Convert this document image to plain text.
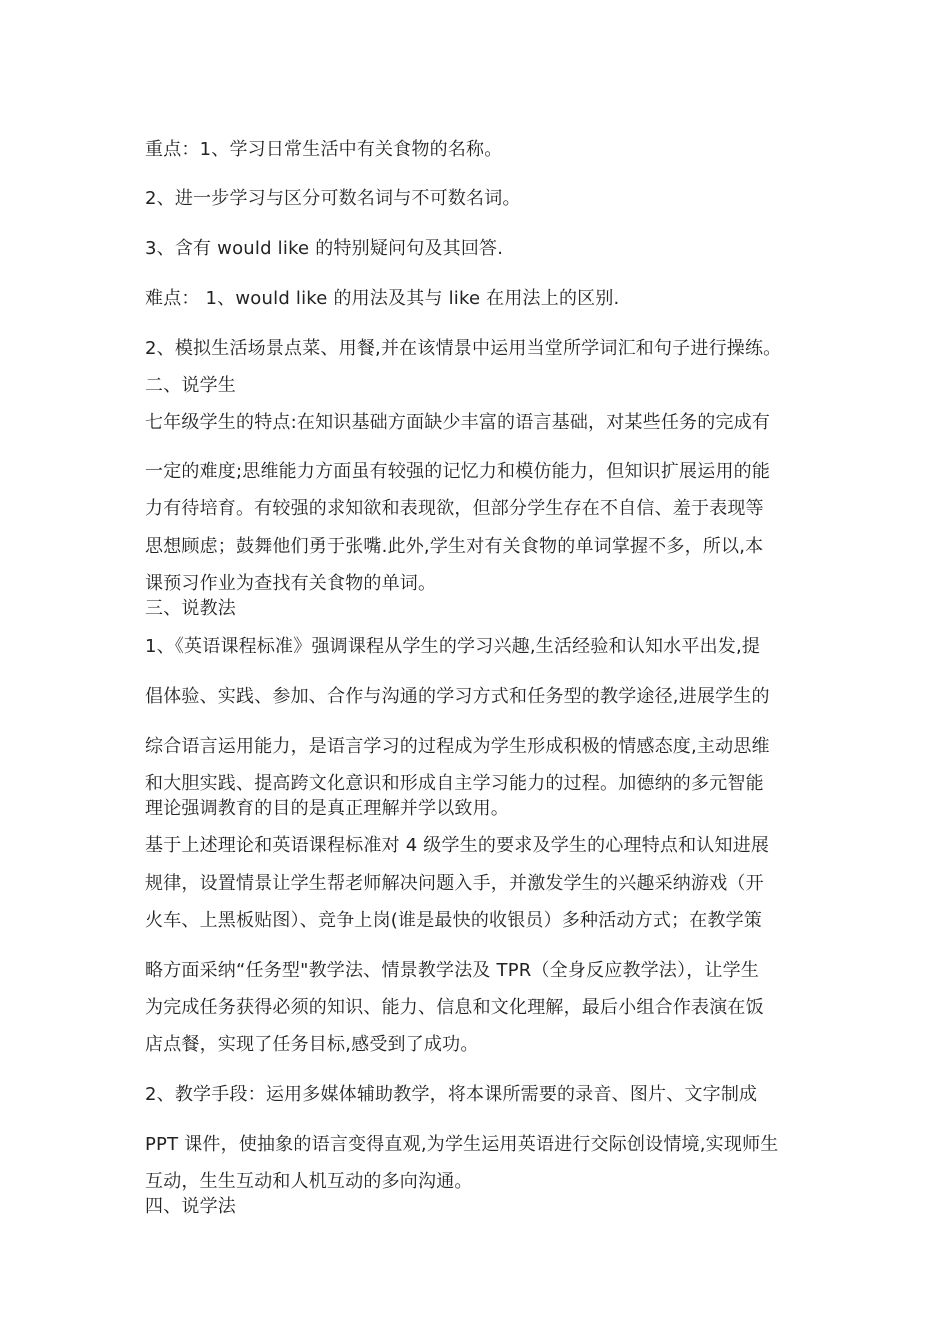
重点：1、学习日常生活中有关食物的名称。
2、进一步学习与区分可数名词与不可数名词。
3、含有 would like 的特别疑问句及其回答.
难点： 1、would like 的用法及其与 like 在用法上的区别.
2、模拟生活场景点菜、用餐,并在该情景中运用当堂所学词汇和句子进行操练。
二、说学生
七年级学生的特点:在知识基础方面缺少丰富的语言基础，对某些任务的完成有
一定的难度;思维能力方面虽有较强的记忆力和模仿能力，但知识扩展运用的能
力有待培育。有较强的求知欲和表现欲，但部分学生存在不自信、羞于表现等
思想顾虑；鼓舞他们勇于张嘴.此外,学生对有关食物的单词掌握不多，所以,本
课预习作业为查找有关食物的单词。
三、说教法
1、《英语课程标准》强调课程从学生的学习兴趣,生活经验和认知水平出发,提
倡体验、实践、参加、合作与沟通的学习方式和任务型的教学途径,进展学生的
综合语言运用能力，是语言学习的过程成为学生形成积极的情感态度,主动思维
和大胆实践、提高跨文化意识和形成自主学习能力的过程。加德纳的多元智能
理论强调教育的目的是真正理解并学以致用。
基于上述理论和英语课程标准对 4 级学生的要求及学生的心理特点和认知进展
规律，设置情景让学生帮老师解决问题入手，并激发学生的兴趣采纳游戏（开
火车、上黑板贴图）、竞争上岗(谁是最快的收银员）多种活动方式；在教学策
略方面采纳“任务型"教学法、情景教学法及 TPR（全身反应教学法），让学生
为完成任务获得必须的知识、能力、信息和文化理解，最后小组合作表演在饭
店点餐，实现了任务目标,感受到了成功。
2、教学手段：运用多媒体辅助教学，将本课所需要的录音、图片、文字制成
PPT 课件，使抽象的语言变得直观,为学生运用英语进行交际创设情境,实现师生
互动，生生互动和人机互动的多向沟通。
四、说学法
